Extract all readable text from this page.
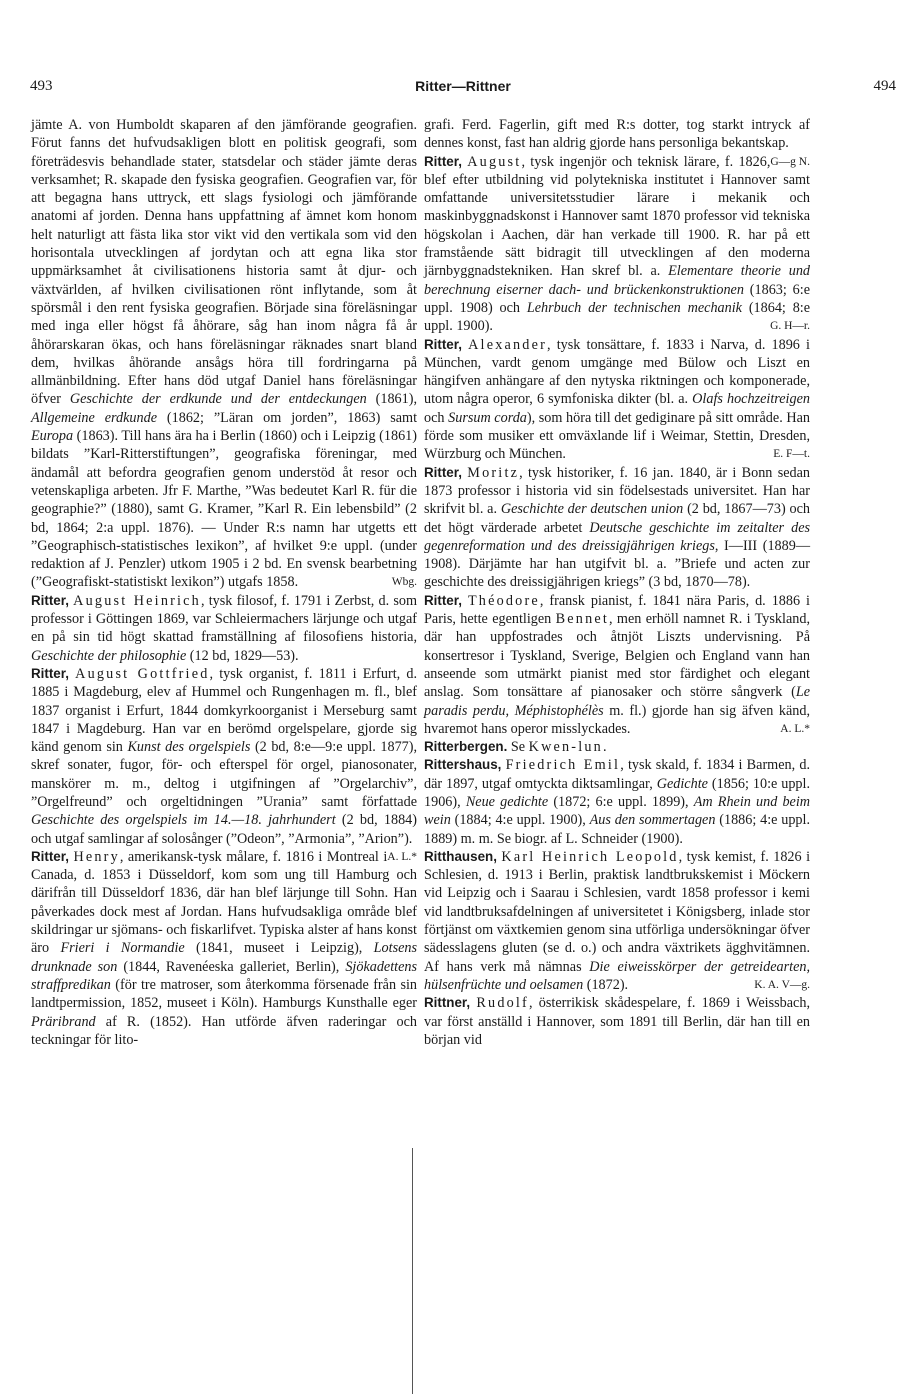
493	Ritter—Rittner	494

jämte A. von Humboldt skaparen af den jämförande geografien. Förut fanns det hufvudsakligen blott en politisk geografi, som företrädesvis behandlade stater, statsdelar och städer jämte deras verksamhet; R. skapade den fysiska geografien. Geografien var, för att begagna hans uttryck, ett slags fysiologi och jämförande anatomi af jorden. Denna hans uppfattning af ämnet kom honom helt naturligt att fästa lika stor vikt vid den vertikala som vid den horisontala utvecklingen af jordytan och att egna lika stor uppmärksamhet åt civilisationens historia samt åt djur- och växtvärlden, af hvilken civilisationen rönt inflytande, som åt spörsmål i den rent fysiska geografien. Började sina föreläsningar med inga eller högst få åhörare, såg han inom några få år åhörarskaran ökas, och hans föreläsningar räknades snart bland dem, hvilkas åhörande ansågs höra till fordringarna på allmänbildning. Efter hans död utgaf Daniel hans föreläsningar öfver Geschichte der erdkunde und der entdeckungen (1861), Allgemeine erdkunde (1862; ”Läran om jorden”, 1863) samt Europa (1863). Till hans ära ha i Berlin (1860) och i Leipzig (1861) bildats ”Karl-Ritterstiftungen”, geografiska föreningar, med ändamål att befordra geografien genom understöd åt resor och vetenskapliga arbeten. Jfr F. Marthe, ”Was bedeutet Karl R. für die geographie?” (1880), samt G. Kramer, ”Karl R. Ein lebensbild” (2 bd, 1864; 2:a uppl. 1876). — Under R:s namn har utgetts ett ”Geographisch-statistisches lexikon”, af hvilket 9:e uppl. (under redaktion af J. Penzler) utkom 1905 i 2 bd. En svensk bearbetning (”Geografiskt-statistiskt lexikon”) utgafs 1858.	Wbg.

Ritter, August Heinrich, tysk filosof, f. 1791 i Zerbst, d. som professor i Göttingen 1869, var Schleiermachers lärjunge och utgaf en på sin tid högt skattad framställning af filosofiens historia, Geschichte der philosophie (12 bd, 1829—53).

Ritter, August Gottfried, tysk organist, f. 1811 i Erfurt, d. 1885 i Magdeburg, elev af Hummel och Rungenhagen m. fl., blef 1837 organist i Erfurt, 1844 domkyrkoorganist i Merseburg samt 1847 i Magdeburg. Han var en berömd orgelspelare, gjorde sig känd genom sin Kunst des orgelspiels (2 bd, 8:e—9:e uppl. 1877), skref sonater, fugor, för- och efterspel för orgel, pianosonater, manskörer m. m., deltog i utgifningen af ”Orgelarchiv”, ”Orgelfreund” och orgeltidningen ”Urania” samt författade Geschichte des orgelspiels im 14.—18. jahrhundert (2 bd, 1884) och utgaf samlingar af solosånger (”Odeon”, ”Armonia”, ”Arion”).
A. L.*

Ritter, Henry, amerikansk-tysk målare, f. 1816 i Montreal i Canada, d. 1853 i Düsseldorf, kom som ung till Hamburg och därifrån till Düsseldorf 1836, där han blef lärjunge till Sohn. Han påverkades dock mest af Jordan. Hans hufvudsakliga område blef skildringar ur sjömans- och fiskarlifvet. Typiska alster af hans konst äro Frieri i Normandie (1841, museet i Leipzig), Lotsens drunknade son (1844, Ravenéeska galleriet, Berlin), Sjökadettens straffpredikan (för tre matroser, som återkomma försenade från sin landtpermission, 1852, museet i Köln). Hamburgs Kunsthalle eger Präribrand af R. (1852). Han utförde äfven raderingar och teckningar för lito-

grafi. Ferd. Fagerlin, gift med R:s dotter, tog starkt intryck af dennes konst, fast han aldrig gjorde hans personliga bekantskap.
G—g N.

Ritter, August, tysk ingenjör och teknisk lärare, f. 1826, blef efter utbildning vid polytekniska institutet i Hannover samt omfattande universitetsstudier lärare i mekanik och maskinbyggnadskonst i Hannover samt 1870 professor vid tekniska högskolan i Aachen, där han verkade till 1900. R. har på ett framstående sätt bidragit till utvecklingen af den moderna järnbyggnadstekniken. Han skref bl. a. Elementare theorie und berechnung eiserner dach- und brückenkonstruktionen (1863; 6:e uppl. 1908) och Lehrbuch der technischen mechanik (1864; 8:e uppl. 1900).	G. H—r.

Ritter, Alexander, tysk tonsättare, f. 1833 i Narva, d. 1896 i München, vardt genom umgänge med Bülow och Liszt en hängifven anhängare af den nytyska riktningen och komponerade, utom några operor, 6 symfoniska dikter (bl. a. Olafs hochzeitreigen och Sursum corda), som höra till det gediginare på sitt område. Han förde som musiker ett omväxlande lif i Weimar, Stettin, Dresden, Würzburg och München.	E. F—t.

Ritter, Moritz, tysk historiker, f. 16 jan. 1840, är i Bonn sedan 1873 professor i historia vid sin födelsestads universitet. Han har skrifvit bl. a. Geschichte der deutschen union (2 bd, 1867—73) och det högt värderade arbetet Deutsche geschichte im zeitalter des gegenreformation und des dreissigjährigen kriegs, I—III (1889—1908). Därjämte har han utgifvit bl. a. ”Briefe und acten zur geschichte des dreissigjährigen kriegs” (3 bd, 1870—78).

Ritter, Théodore, fransk pianist, f. 1841 nära Paris, d. 1886 i Paris, hette egentligen Bennet, men erhöll namnet R. i Tyskland, där han uppfostrades och åtnjöt Liszts undervisning. På konsertresor i Tyskland, Sverige, Belgien och England vann han anseende som utmärkt pianist med stor färdighet och elegant anslag. Som tonsättare af pianosaker och större sångverk (Le paradis perdu, Méphistophélès m. fl.) gjorde han sig äfven känd, hvaremot hans operor misslyckades.	A. L.*

Ritterbergen. Se Kwen-lun.

Rittershaus, Friedrich Emil, tysk skald, f. 1834 i Barmen, d. där 1897, utgaf omtyckta diktsamlingar, Gedichte (1856; 10:e uppl. 1906), Neue gedichte (1872; 6:e uppl. 1899), Am Rhein und beim wein (1884; 4:e uppl. 1900), Aus den sommertagen (1886; 4:e uppl. 1889) m. m. Se biogr. af L. Schneider (1900).

Ritthausen, Karl Heinrich Leopold, tysk kemist, f. 1826 i Schlesien, d. 1913 i Berlin, praktisk landtbrukskemist i Möckern vid Leipzig och i Saarau i Schlesien, vardt 1858 professor i kemi vid landtbruksafdelningen af universitetet i Königsberg, inlade stor förtjänst om växtkemien genom sina utförliga undersökningar öfver sädesslagens gluten (se d. o.) och andra växtrikets ägghvitämnen. Af hans verk må nämnas Die eiweisskörper der getreidearten, hülsenfrüchte und oelsamen (1872).	K. A. V—g.

Rittner, Rudolf, österrikisk skådespelare, f. 1869 i Weissbach, var först anställd i Hannover, som 1891 till Berlin, där han till en början vid
